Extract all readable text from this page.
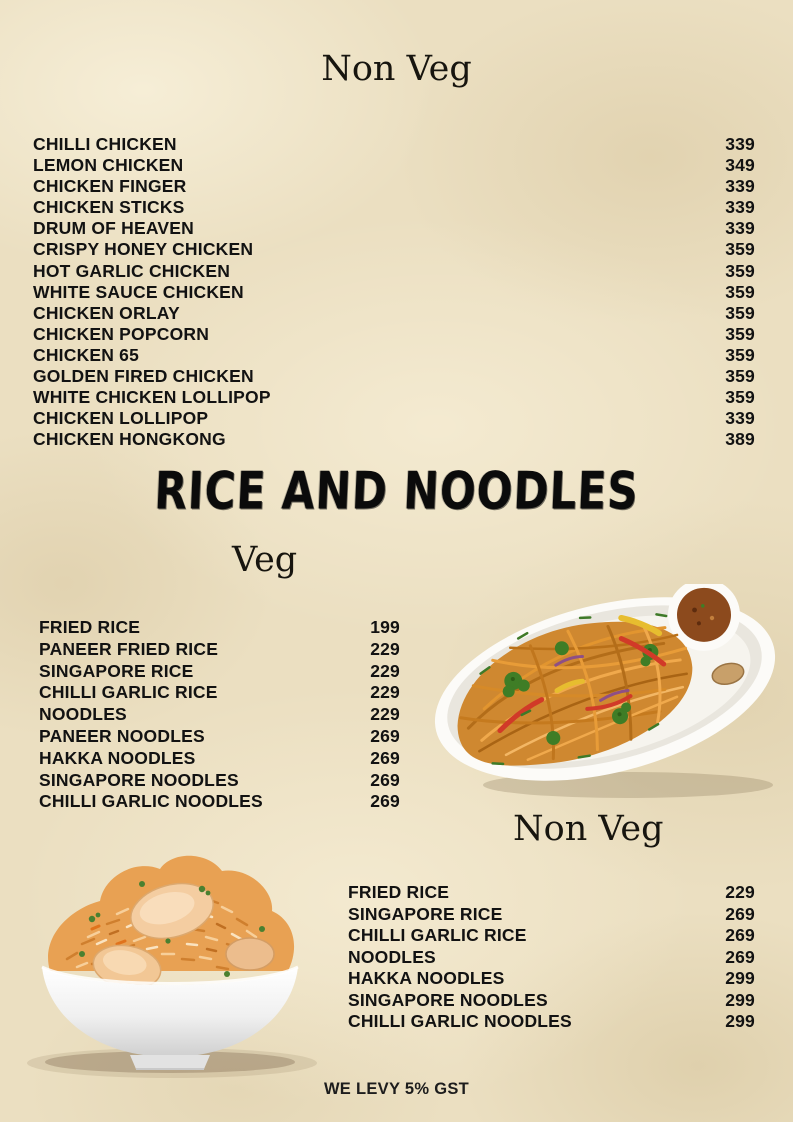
Non Veg
CHILLI CHICKEN	339
LEMON CHICKEN	349
CHICKEN FINGER	339
CHICKEN STICKS	339
DRUM OF HEAVEN	339
CRISPY HONEY CHICKEN	359
HOT GARLIC CHICKEN	359
WHITE SAUCE CHICKEN	359
CHICKEN ORLAY	359
CHICKEN POPCORN	359
CHICKEN 65	359
GOLDEN FIRED CHICKEN	359
WHITE CHICKEN LOLLIPOP	359
CHICKEN LOLLIPOP	339
CHICKEN HONGKONG	389
RICE AND NOODLES
Veg
FRIED RICE	199
PANEER FRIED RICE	229
SINGAPORE RICE	229
CHILLI GARLIC RICE	229
NOODLES	229
PANEER NOODLES	269
HAKKA NOODLES	269
SINGAPORE NOODLES	269
CHILLI GARLIC NOODLES	269
Non Veg
FRIED RICE	229
SINGAPORE RICE	269
CHILLI GARLIC RICE	269
NOODLES	269
HAKKA NOODLES	299
SINGAPORE NOODLES	299
CHILLI GARLIC NOODLES	299
WE LEVY 5% GST
